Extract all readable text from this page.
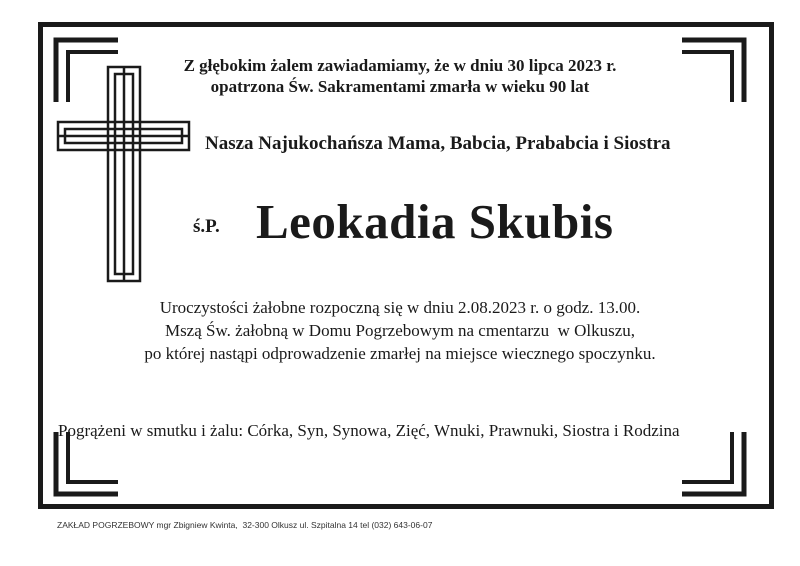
Z głębokim żalem zawiadamiamy, że w dniu 30 lipca 2023 r.
opatrzona Św. Sakramentami zmarła w wieku 90 lat
Nasza Najukochańsza Mama, Babcia, Prababcia i Siostra
ś.P. Leokadia Skubis
Uroczystości żałobne rozpoczną się w dniu 2.08.2023 r. o godz. 13.00.
Mszą Św. żałobną w Domu Pogrzebowym na cmentarzu  w Olkuszu,
po której nastąpi odprowadzenie zmarłej na miejsce wiecznego spoczynku.
Pogrążeni w smutku i żalu: Córka, Syn, Synowa, Zięć, Wnuki, Prawnuki, Siostra i Rodzina
ZAKŁAD POGRZEBOWY mgr Zbigniew Kwinta,  32-300 Olkusz ul. Szpitalna 14 tel (032) 643-06-07
